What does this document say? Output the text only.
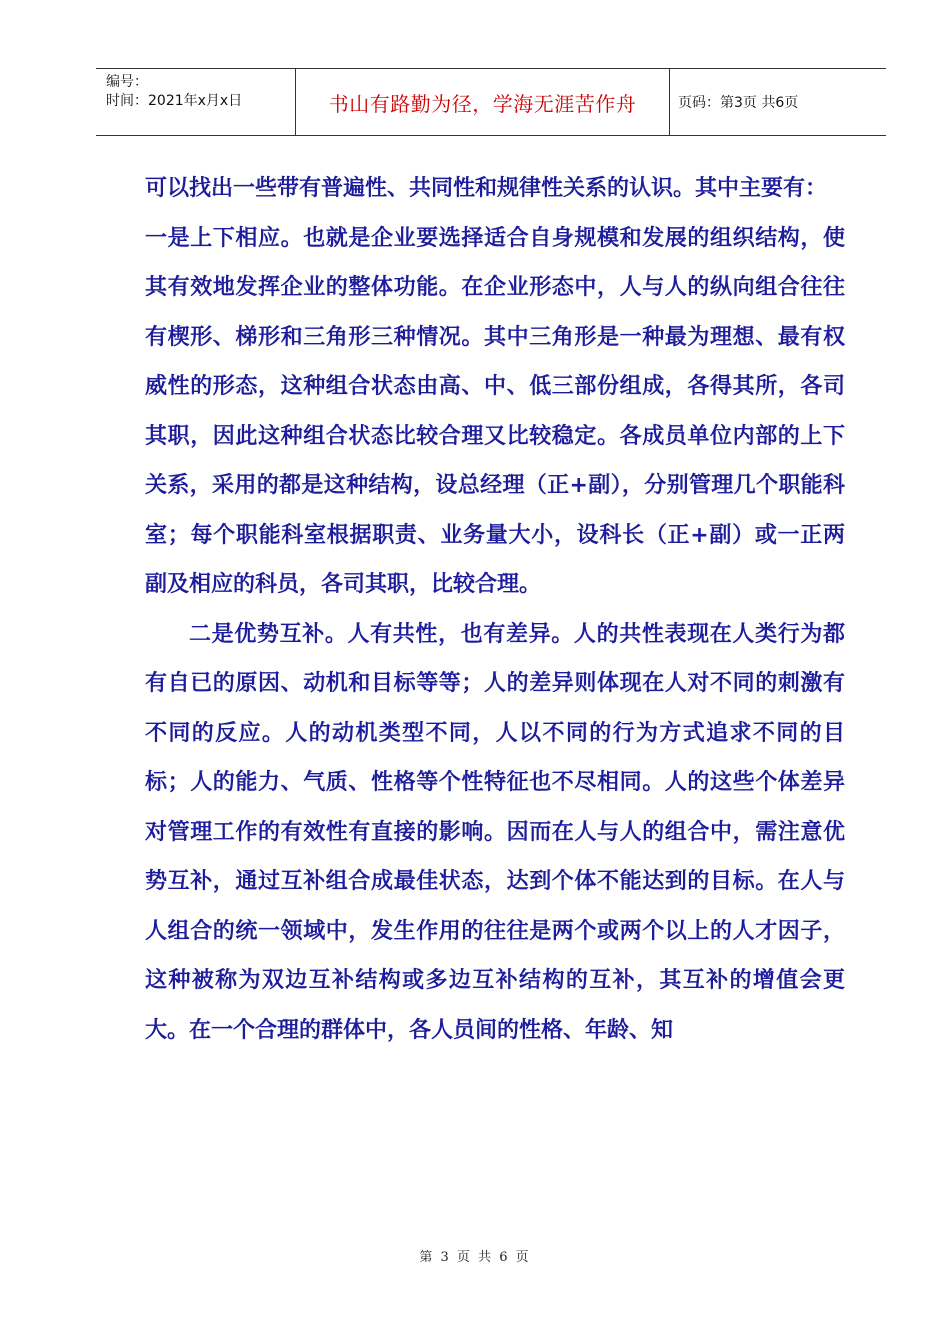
编号：
时间：2021年x月x日	书山有路勤为径，学海无涯苦作舟	页码：第3页 共6页

可以找出一些带有普遍性、共同性和规律性关系的认识。其中主要有：

一是上下相应。也就是企业要选择适合自身规模和发展的组织结构，使其有效地发挥企业的整体功能。在企业形态中，人与人的纵向组合往往有楔形、梯形和三角形三种情况。其中三角形是一种最为理想、最有权威性的形态，这种组合状态由高、中、低三部份组成，各得其所，各司其职，因此这种组合状态比较合理又比较稳定。各成员单位内部的上下关系，采用的都是这种结构，设总经理（正+副），分别管理几个职能科室；每个职能科室根据职责、业务量大小，设科长（正+副）或一正两副及相应的科员，各司其职，比较合理。

二是优势互补。人有共性，也有差异。人的共性表现在人类行为都有自已的原因、动机和目标等等；人的差异则体现在人对不同的刺激有不同的反应。人的动机类型不同，人以不同的行为方式追求不同的目标；人的能力、气质、性格等个性特征也不尽相同。人的这些个体差异对管理工作的有效性有直接的影响。因而在人与人的组合中，需注意优势互补，通过互补组合成最佳状态，达到个体不能达到的目标。在人与人组合的统一领域中，发生作用的往往是两个或两个以上的人才因子，这种被称为双边互补结构或多边互补结构的互补，其互补的增值会更大。在一个合理的群体中，各人员间的性格、年龄、知

第 3 页 共 6 页
